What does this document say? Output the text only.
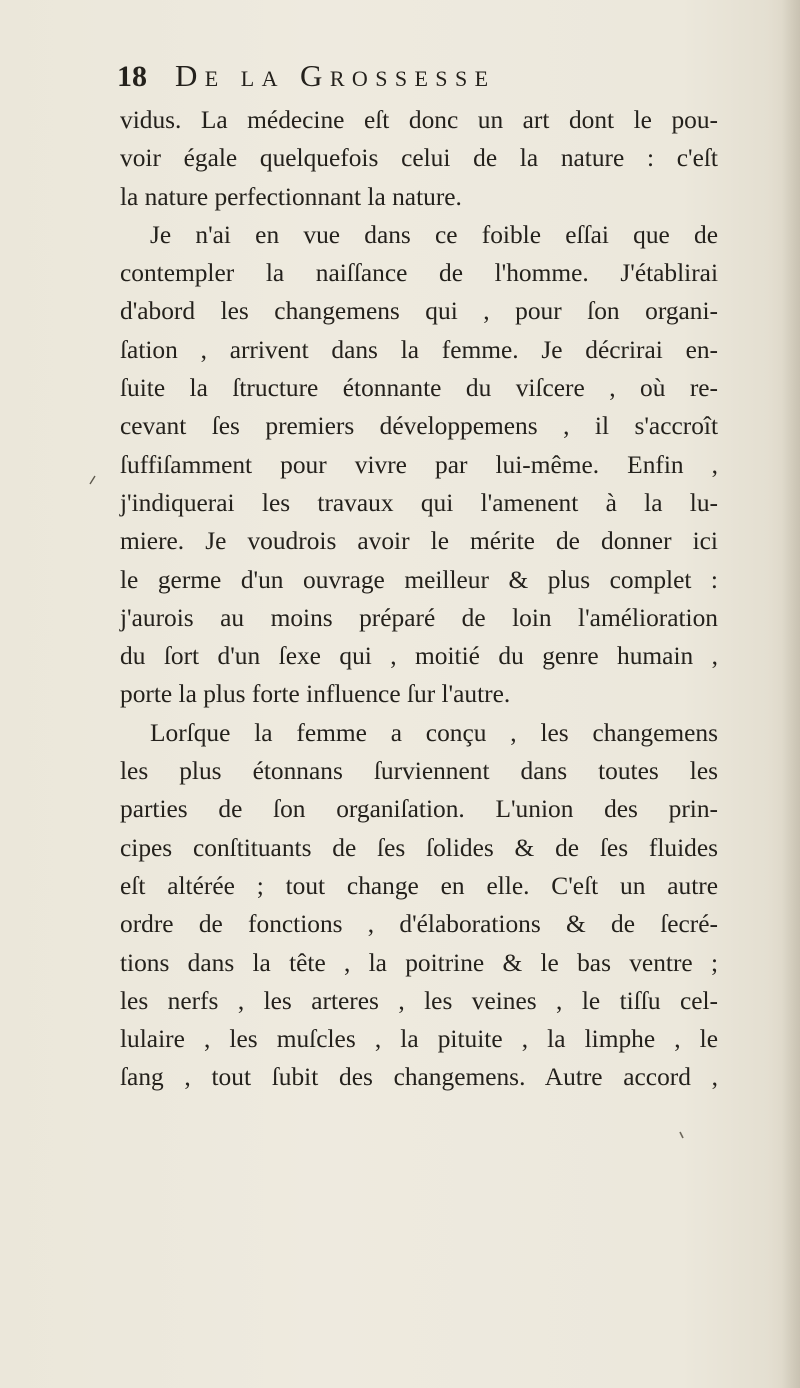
18 De la Grossesse
vidus. La médecine eſt donc un art dont le pou-
voir égale quelquefois celui de la nature : c'eſt
la nature perfectionnant la nature.
Je n'ai en vue dans ce foible eſſai que de
contempler la naiſſance de l'homme. J'établirai
d'abord les changemens qui , pour ſon organi-
ſation , arrivent dans la femme. Je décrirai en-
ſuite la ſtructure étonnante du viſcere , où re-
cevant ſes premiers développemens , il s'accroît
ſuffiſamment pour vivre par lui-même. Enfin ,
j'indiquerai les travaux qui l'amenent à la lu-
miere. Je voudrois avoir le mérite de donner ici
le germe d'un ouvrage meilleur & plus complet :
j'aurois au moins préparé de loin l'amélioration
du ſort d'un ſexe qui , moitié du genre humain ,
porte la plus forte influence ſur l'autre.
Lorſque la femme a conçu , les changemens
les plus étonnans ſurviennent dans toutes les
parties de ſon organiſation. L'union des prin-
cipes conſtituants de ſes ſolides & de ſes fluides
eſt altérée ; tout change en elle. C'eſt un autre
ordre de fonctions , d'élaborations & de ſecré-
tions dans la tête , la poitrine & le bas ventre ;
les nerfs , les arteres , les veines , le tiſſu cel-
lulaire , les muſcles , la pituite , la limphe , le
ſang , tout ſubit des changemens. Autre accord ,
